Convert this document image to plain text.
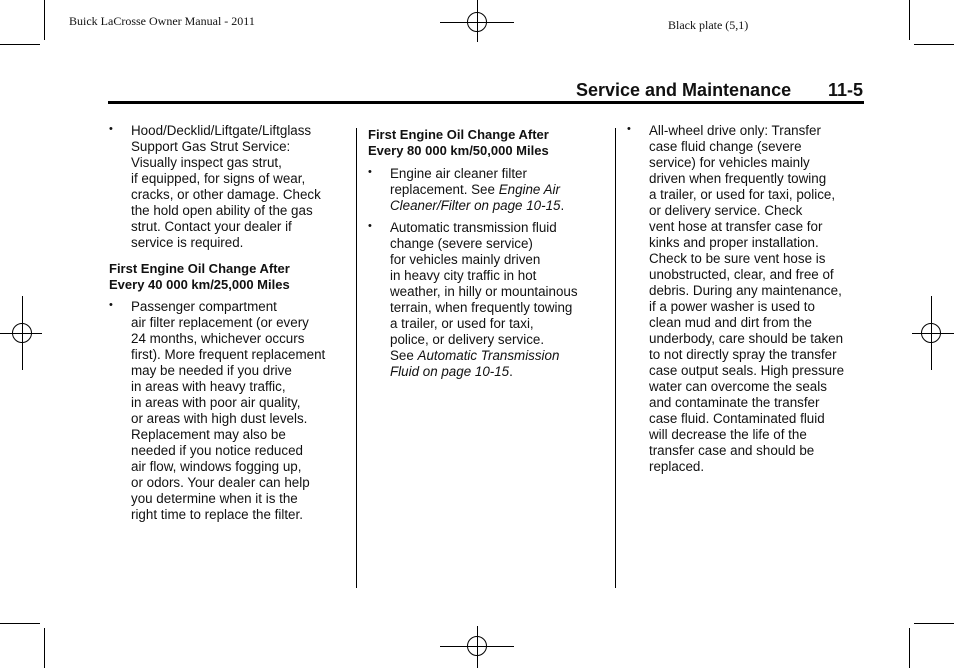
Buick LaCrosse Owner Manual - 2011	Black plate (5,1)
Service and Maintenance 11-5
• Hood/Decklid/Liftgate/Liftglass
Support Gas Strut Service:
Visually inspect gas strut,
if equipped, for signs of wear,
cracks, or other damage. Check
the hold open ability of the gas
strut. Contact your dealer if
service is required.
First Engine Oil Change After
Every 40 000 km/25,000 Miles
• Passenger compartment
air filter replacement (or every
24 months, whichever occurs
first). More frequent replacement
may be needed if you drive
in areas with heavy traffic,
in areas with poor air quality,
or areas with high dust levels.
Replacement may also be
needed if you notice reduced
air flow, windows fogging up,
or odors. Your dealer can help
you determine when it is the
right time to replace the filter.
First Engine Oil Change After
Every 80 000 km/50,000 Miles
• Engine air cleaner filter
replacement. See Engine Air
Cleaner/Filter on page 10-15.
• Automatic transmission fluid
change (severe service)
for vehicles mainly driven
in heavy city traffic in hot
weather, in hilly or mountainous
terrain, when frequently towing
a trailer, or used for taxi,
police, or delivery service.
See Automatic Transmission
Fluid on page 10-15.
• All-wheel drive only: Transfer
case fluid change (severe
service) for vehicles mainly
driven when frequently towing
a trailer, or used for taxi, police,
or delivery service. Check
vent hose at transfer case for
kinks and proper installation.
Check to be sure vent hose is
unobstructed, clear, and free of
debris. During any maintenance,
if a power washer is used to
clean mud and dirt from the
underbody, care should be taken
to not directly spray the transfer
case output seals. High pressure
water can overcome the seals
and contaminate the transfer
case fluid. Contaminated fluid
will decrease the life of the
transfer case and should be
replaced.
